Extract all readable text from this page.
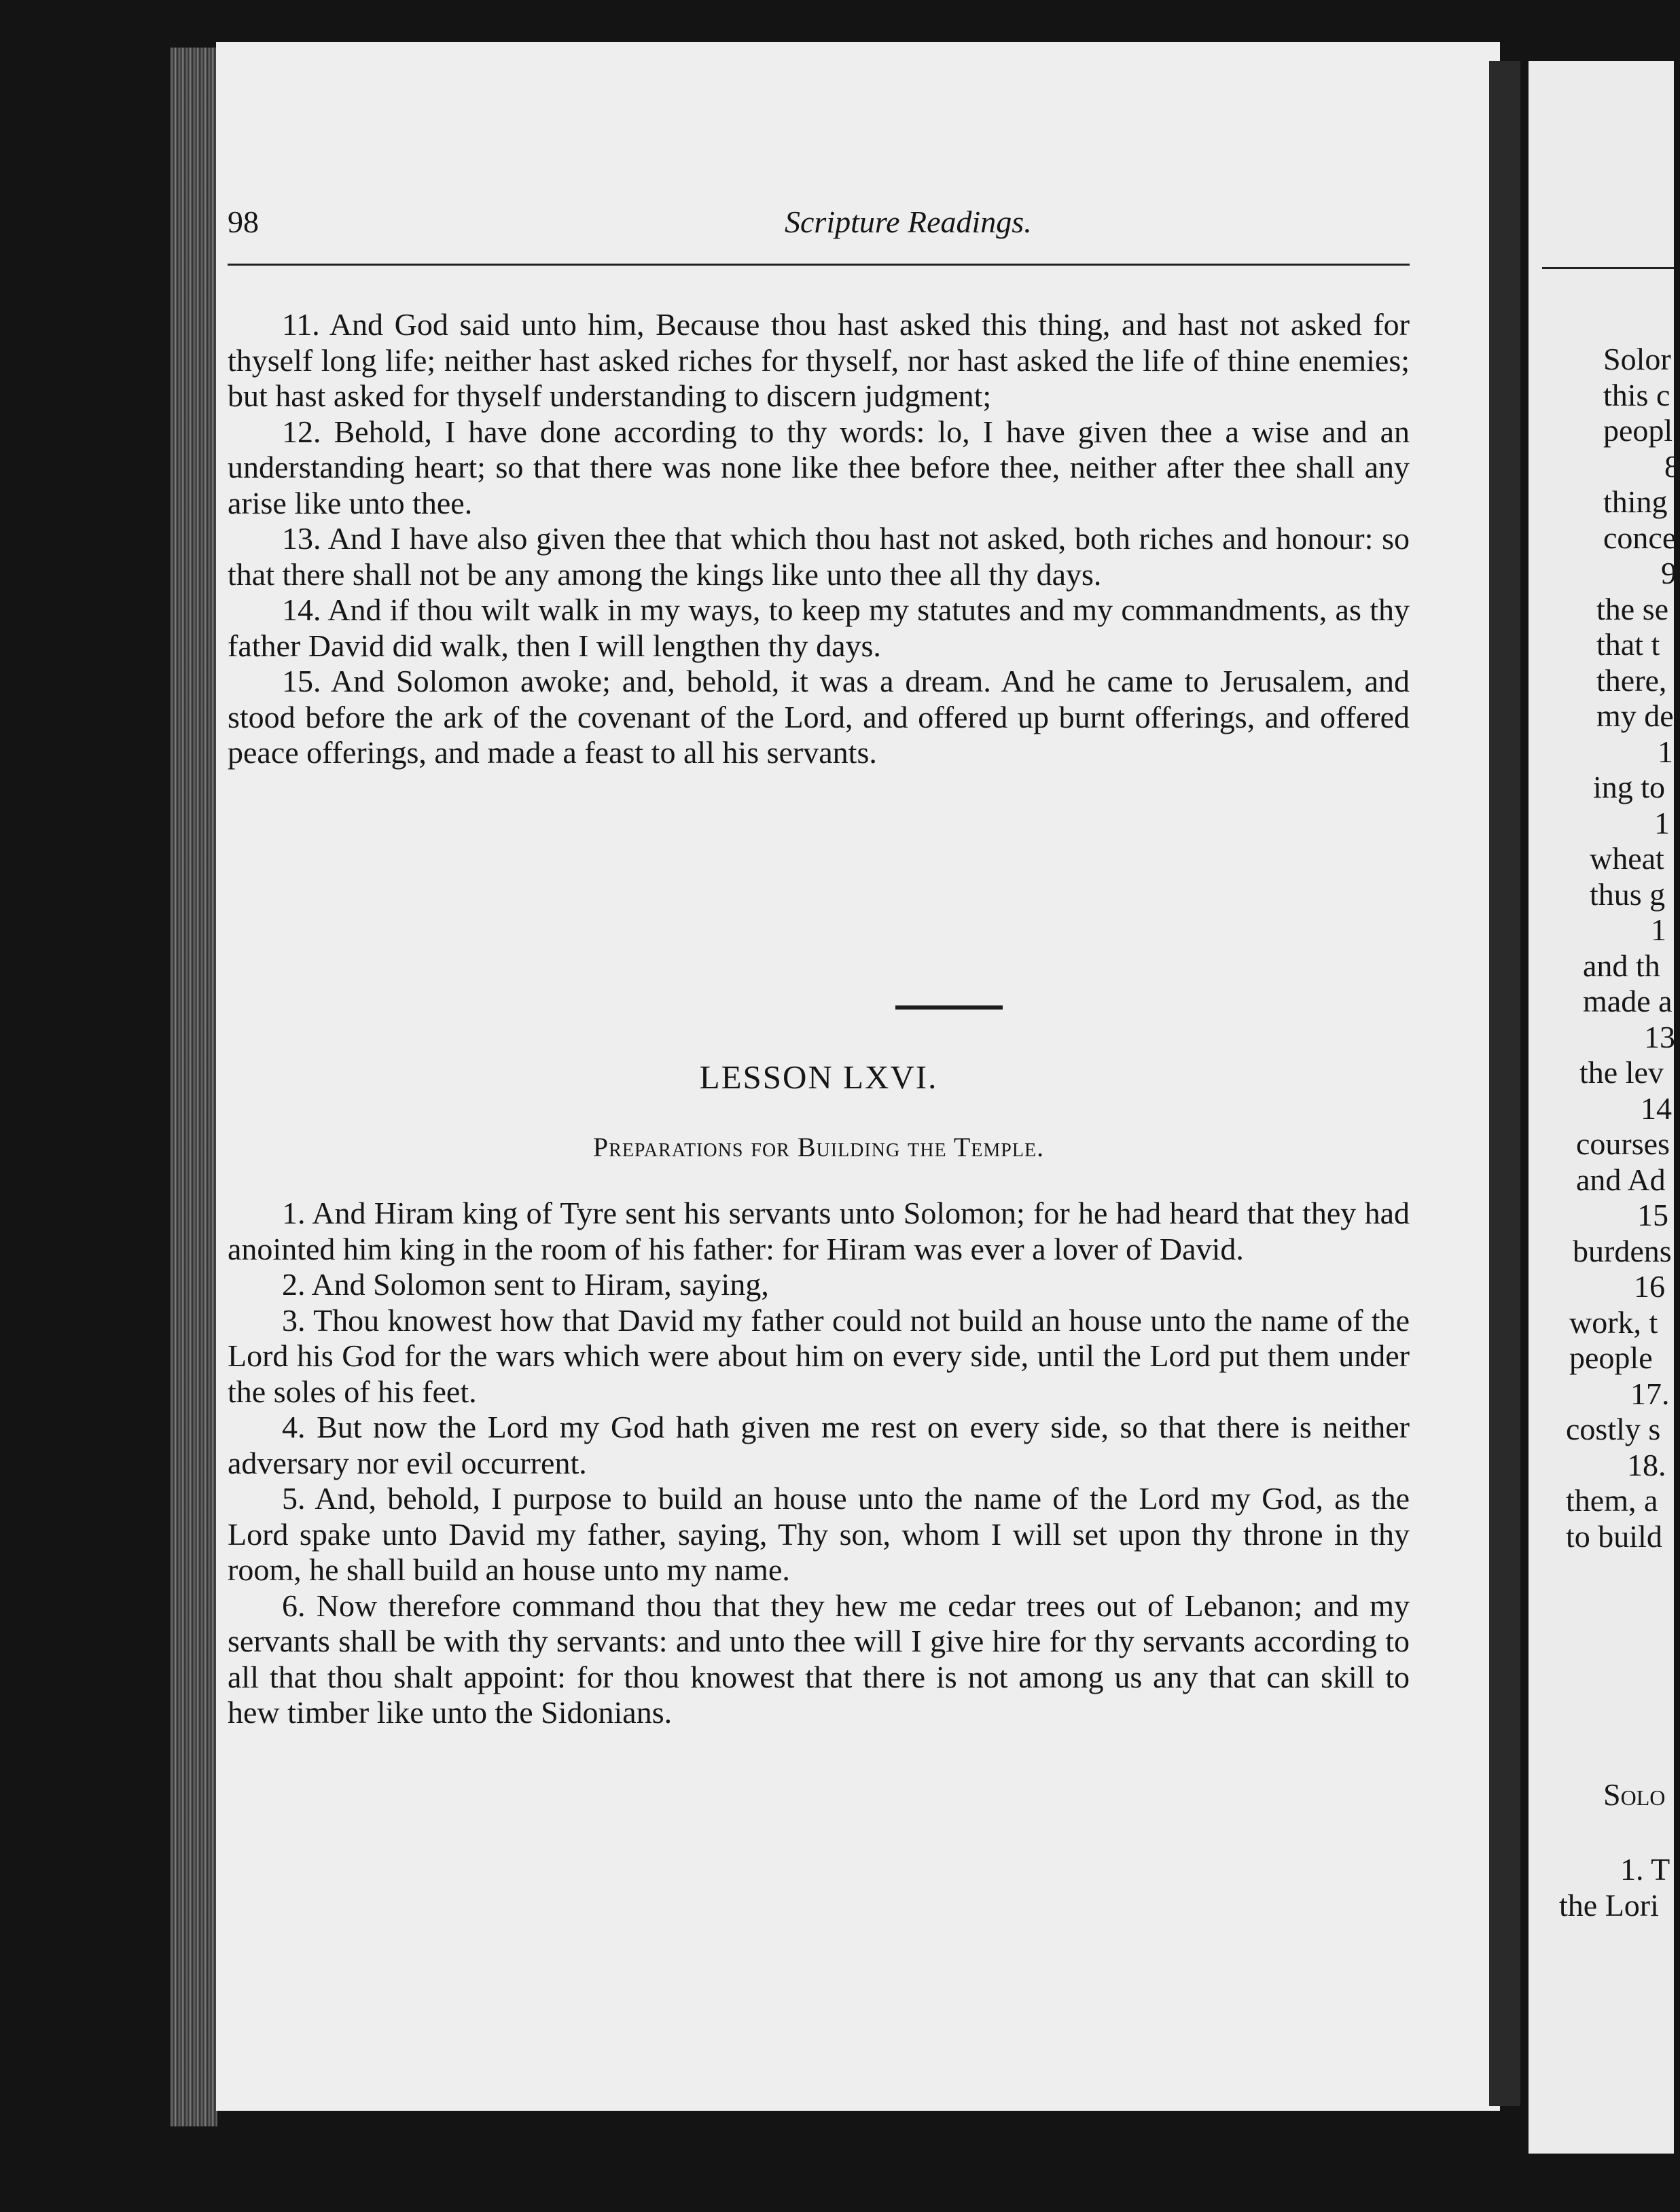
98	Scripture Readings.

11. And God said unto him, Because thou hast asked this thing, and hast not asked for thyself long life; neither hast asked riches for thyself, nor hast asked the life of thine enemies; but hast asked for thyself understanding to discern judgment;

12. Behold, I have done according to thy words: lo, I have given thee a wise and an understanding heart; so that there was none like thee before thee, neither after thee shall any arise like unto thee.

13. And I have also given thee that which thou hast not asked, both riches and honour: so that there shall not be any among the kings like unto thee all thy days.

14. And if thou wilt walk in my ways, to keep my statutes and my commandments, as thy father David did walk, then I will lengthen thy days.

15. And Solomon awoke; and, behold, it was a dream. And he came to Jerusalem, and stood before the ark of the covenant of the Lord, and offered up burnt offerings, and offered peace offerings, and made a feast to all his servants.

LESSON LXVI.
Preparations for Building the Temple.

1. And Hiram king of Tyre sent his servants unto Solomon; for he had heard that they had anointed him king in the room of his father: for Hiram was ever a lover of David.

2. And Solomon sent to Hiram, saying,

3. Thou knowest how that David my father could not build an house unto the name of the Lord his God for the wars which were about him on every side, until the Lord put them under the soles of his feet.

4. But now the Lord my God hath given me rest on every side, so that there is neither adversary nor evil occurrent.

5. And, behold, I purpose to build an house unto the name of the Lord my God, as the Lord spake unto David my father, saying, Thy son, whom I will set upon thy throne in thy room, he shall build an house unto my name.

6. Now therefore command thou that they hew me cedar trees out of Lebanon; and my servants shall be with thy servants: and unto thee will I give hire for thy servants according to all that thou shalt appoint: for thou knowest that there is not among us any that can skill to hew timber like unto the Sidonians.

Solor
this c
peopl
8
thing
conce
9
the se
that t
there,
my de
1
ing to
1
wheat
thus g
1
and th
made a
13
the lev
14
courses
and Ad
15
burdens
16
work, t
people
17.
costly s
18.
them, a
to build
Solo
1. T
the Lori
